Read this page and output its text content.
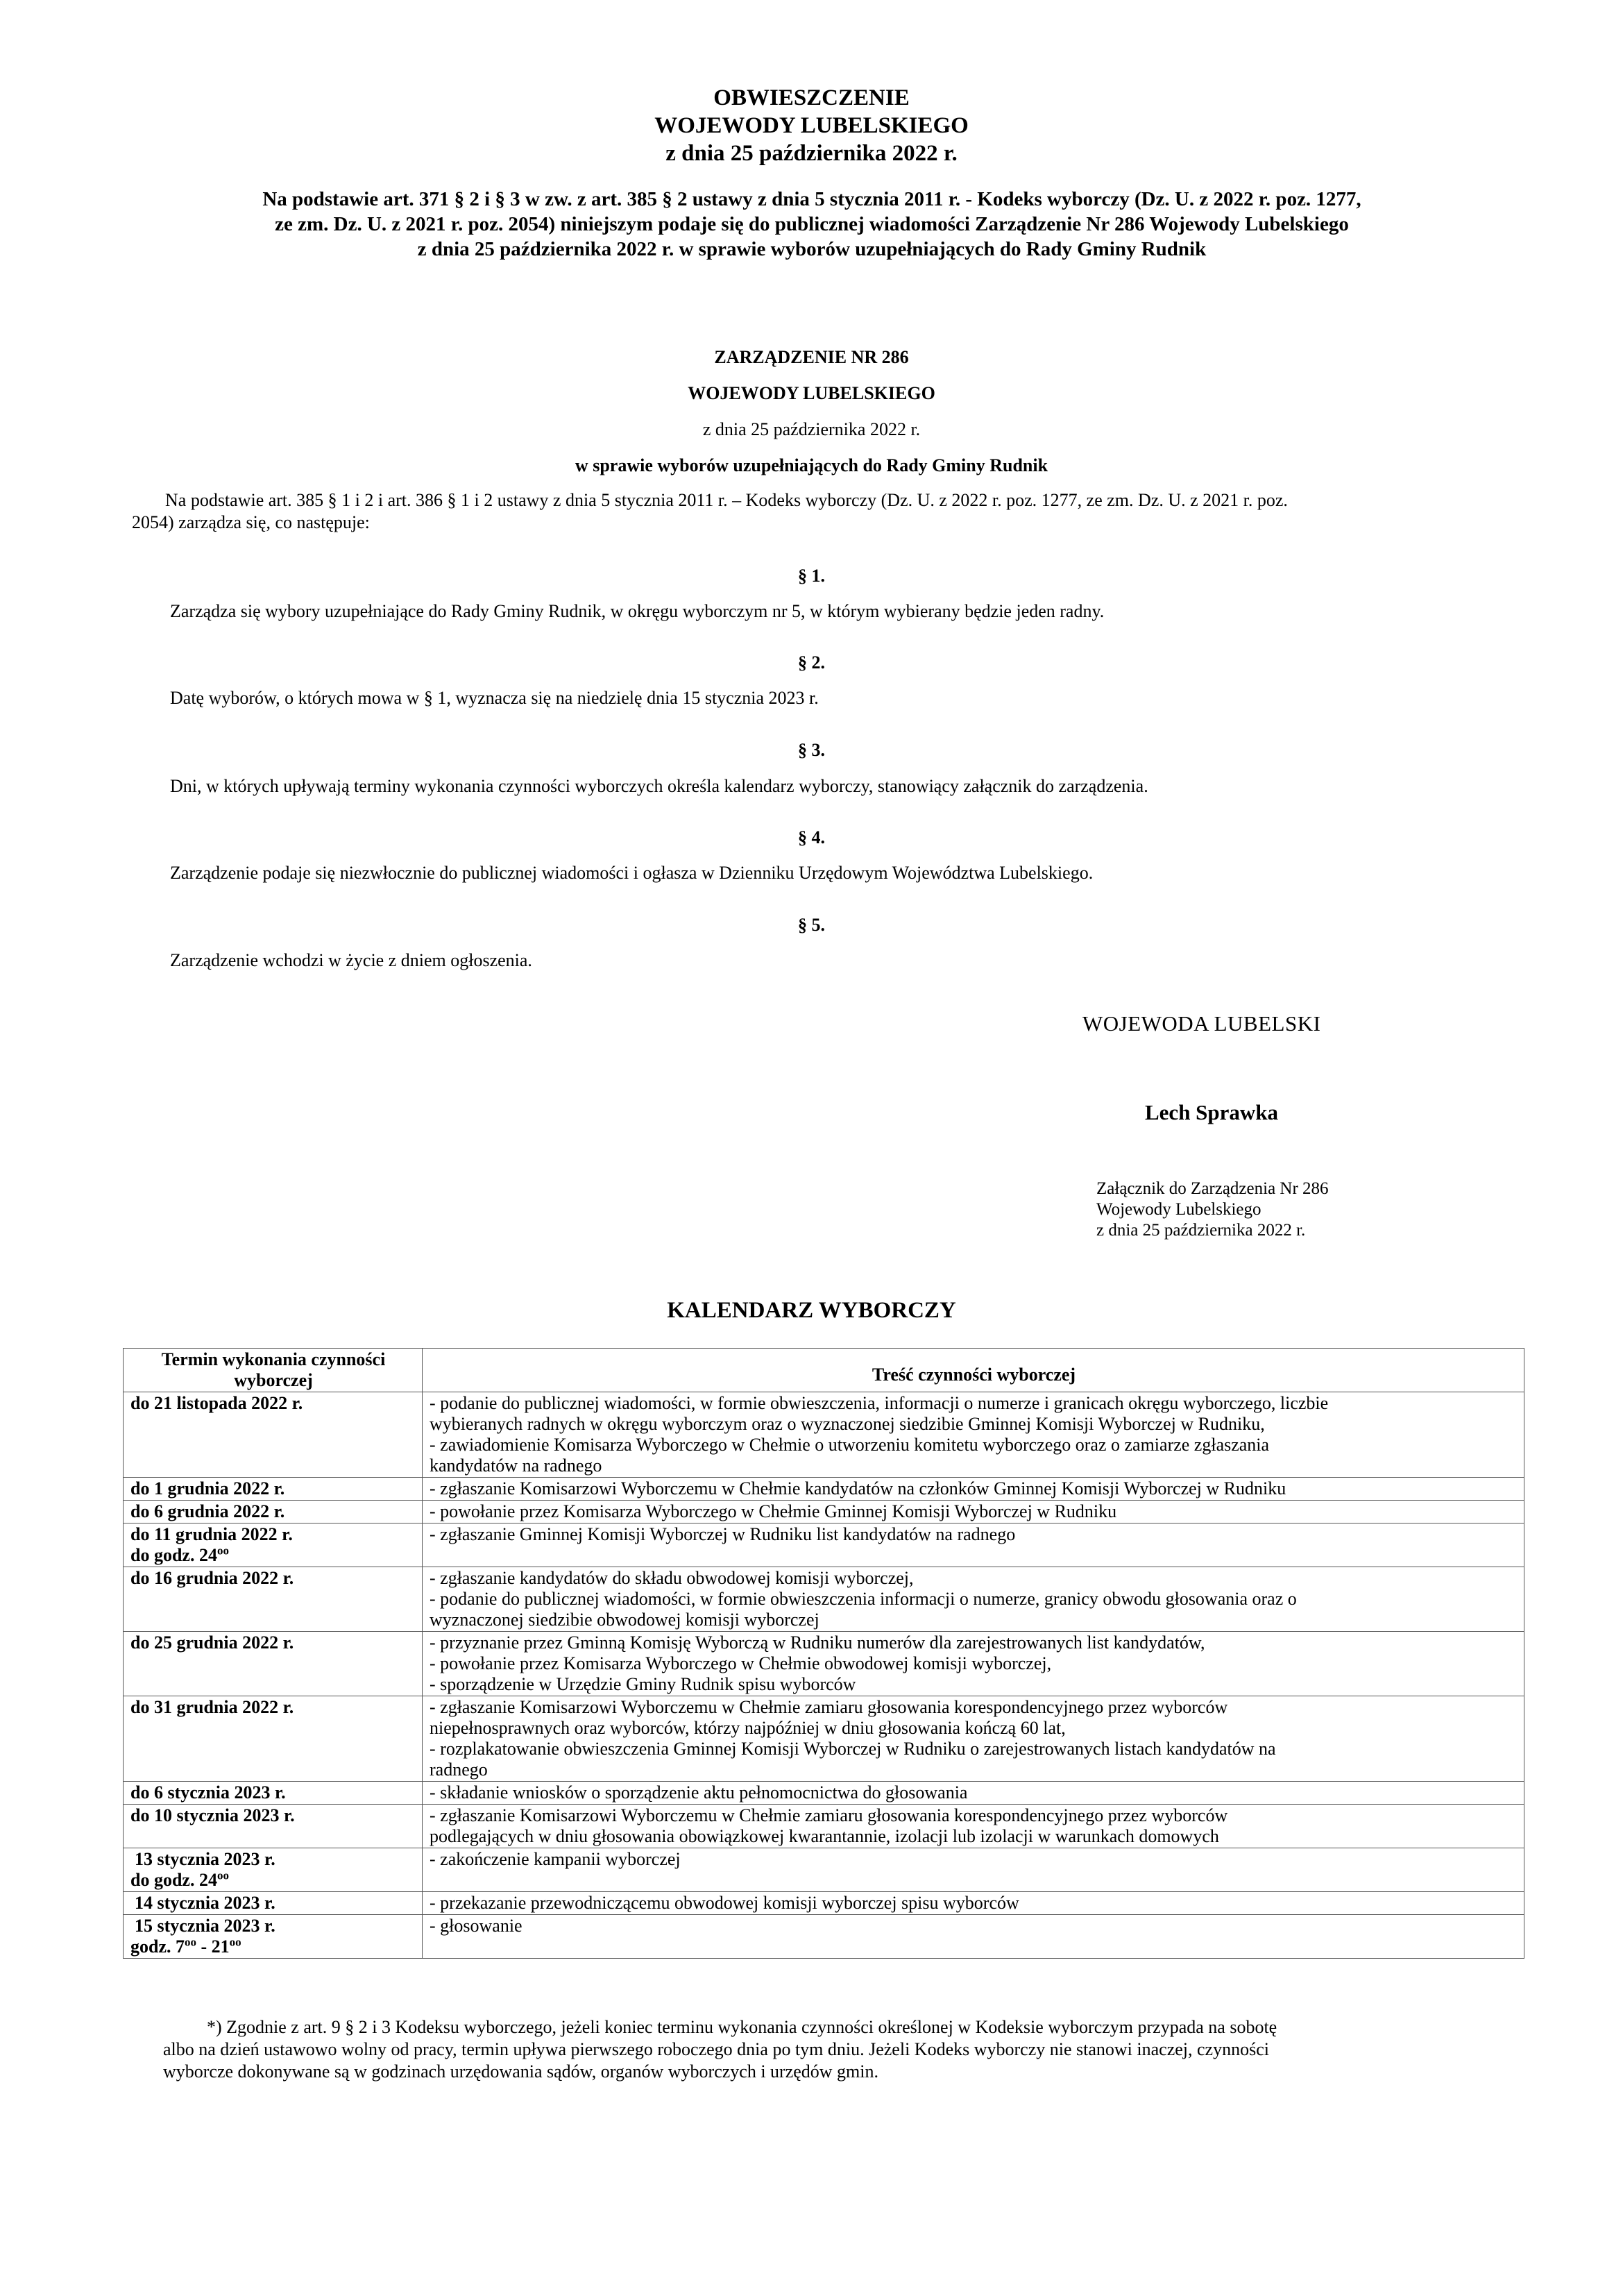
OBWIESZCZENIE
WOJEWODY LUBELSKIEGO
z dnia 25 października 2022 r.
Na podstawie art. 371 § 2 i § 3 w zw. z art. 385 § 2 ustawy z dnia 5 stycznia 2011 r. - Kodeks wyborczy (Dz. U. z 2022 r. poz. 1277,
ze zm. Dz. U. z 2021 r. poz. 2054) niniejszym podaje się do publicznej wiadomości Zarządzenie Nr 286 Wojewody Lubelskiego
z dnia 25 października 2022 r. w sprawie wyborów uzupełniających do Rady Gminy Rudnik
ZARZĄDZENIE NR 286
WOJEWODY LUBELSKIEGO
z dnia 25 października 2022 r.
w sprawie wyborów uzupełniających do Rady Gminy Rudnik
Na podstawie art. 385 § 1 i 2 i art. 386 § 1 i 2 ustawy z dnia 5 stycznia 2011 r. – Kodeks wyborczy (Dz. U. z 2022 r. poz. 1277, ze zm. Dz. U. z 2021 r. poz.
2054) zarządza się, co następuje:
§ 1.
Zarządza się wybory uzupełniające do Rady Gminy Rudnik, w okręgu wyborczym nr 5, w którym wybierany będzie jeden radny.
§ 2.
Datę wyborów, o których mowa w § 1, wyznacza się na niedzielę dnia 15 stycznia 2023 r.
§ 3.
Dni, w których upływają terminy wykonania czynności wyborczych określa kalendarz wyborczy, stanowiący załącznik do zarządzenia.
§ 4.
Zarządzenie podaje się niezwłocznie do publicznej wiadomości i ogłasza w Dzienniku Urzędowym Województwa Lubelskiego.
§ 5.
Zarządzenie wchodzi w życie z dniem ogłoszenia.
WOJEWODA LUBELSKI
Lech Sprawka
Załącznik do Zarządzenia Nr 286
Wojewody Lubelskiego
z dnia 25 października 2022 r.
KALENDARZ WYBORCZY
Termin wykonania czynności
wyborczej	Treść czynności wyborczej

do 21 listopada 2022 r.	- podanie do publicznej wiadomości, w formie obwieszczenia, informacji o numerze i granicach okręgu wyborczego, liczbie
wybieranych radnych w okręgu wyborczym oraz o wyznaczonej siedzibie Gminnej Komisji Wyborczej w Rudniku,
- zawiadomienie Komisarza Wyborczego w Chełmie o utworzeniu komitetu wyborczego oraz o zamiarze zgłaszania
kandydatów na radnego

do 1 grudnia 2022 r.	- zgłaszanie Komisarzowi Wyborczemu w Chełmie kandydatów na członków Gminnej Komisji Wyborczej w Rudniku

do 6 grudnia 2022 r.	- powołanie przez Komisarza Wyborczego w Chełmie Gminnej Komisji Wyborczej w Rudniku

do 11 grudnia 2022 r.
do godz. $24^{oo}$	- zgłaszanie Gminnej Komisji Wyborczej w Rudniku list kandydatów na radnego

do 16 grudnia 2022 r.	- zgłaszanie kandydatów do składu obwodowej komisji wyborczej,
- podanie do publicznej wiadomości, w formie obwieszczenia informacji o numerze, granicy obwodu głosowania oraz o
wyznaczonej siedzibie obwodowej komisji wyborczej

do 25 grudnia 2022 r.	- przyznanie przez Gminną Komisję Wyborczą w Rudniku numerów dla zarejestrowanych list kandydatów,
- powołanie przez Komisarza Wyborczego w Chełmie obwodowej komisji wyborczej,
- sporządzenie w Urzędzie Gminy Rudnik spisu wyborców

do 31 grudnia 2022 r.	- zgłaszanie Komisarzowi Wyborczemu w Chełmie zamiaru głosowania korespondencyjnego przez wyborców
niepełnosprawnych oraz wyborców, którzy najpóźniej w dniu głosowania kończą 60 lat,
- rozplakatowanie obwieszczenia Gminnej Komisji Wyborczej w Rudniku o zarejestrowanych listach kandydatów na
radnego

do 6 stycznia 2023 r.	- składanie wniosków o sporządzenie aktu pełnomocnictwa do głosowania

do 10 stycznia 2023 r.	- zgłaszanie Komisarzowi Wyborczemu w Chełmie zamiaru głosowania korespondencyjnego przez wyborców
podlegających w dniu głosowania obowiązkowej kwarantannie, izolacji lub izolacji w warunkach domowych

13 stycznia 2023 r.
do godz. $24^{oo}$	- zakończenie kampanii wyborczej

14 stycznia 2023 r.	- przekazanie przewodniczącemu obwodowej komisji wyborczej spisu wyborców

15 stycznia 2023 r.
godz. $7^{oo} - 21^{oo}$	- głosowanie
*) Zgodnie z art. 9 § 2 i 3 Kodeksu wyborczego, jeżeli koniec terminu wykonania czynności określonej w Kodeksie wyborczym przypada na sobotę
albo na dzień ustawowo wolny od pracy, termin upływa pierwszego roboczego dnia po tym dniu. Jeżeli Kodeks wyborczy nie stanowi inaczej, czynności
wyborcze dokonywane są w godzinach urzędowania sądów, organów wyborczych i urzędów gmin.
